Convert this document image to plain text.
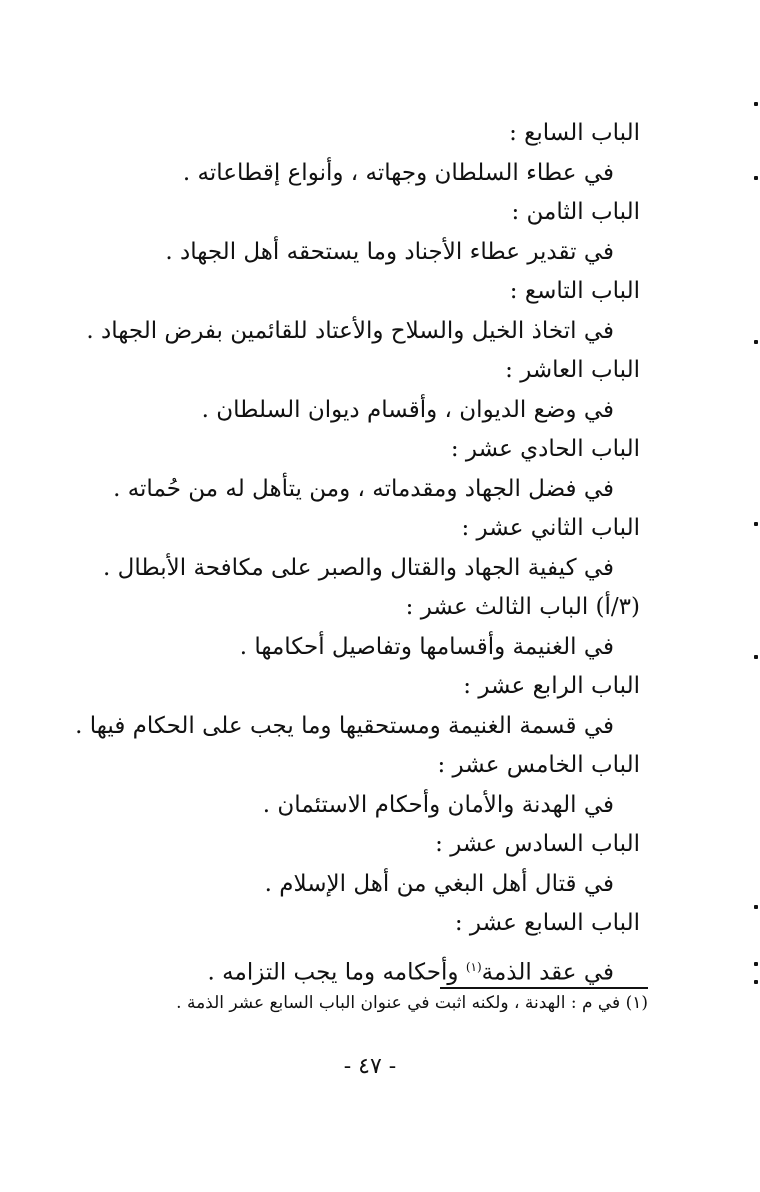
الباب السابع :
في عطاء السلطان وجهاته ، وأنواع إقطاعاته .
الباب الثامن :
في تقدير عطاء الأجناد وما يستحقه أهل الجهاد .
الباب التاسع :
في اتخاذ الخيل والسلاح والأعتاد للقائمين بفرض الجهاد .
الباب العاشر :
في وضع الديوان ، وأقسام ديوان السلطان .
الباب الحادي عشر :
في فضل الجهاد ومقدماته ، ومن يتأهل له من حُماته .
الباب الثاني عشر :
في كيفية الجهاد والقتال والصبر على مكافحة الأبطال .
(٣/أ) الباب الثالث عشر :
في الغنيمة وأقسامها وتفاصيل أحكامها .
الباب الرابع عشر :
في قسمة الغنيمة ومستحقيها وما يجب على الحكام فيها .
الباب الخامس عشر :
في الهدنة والأمان وأحكام الاستئمان .
الباب السادس عشر :
في قتال أهل البغي من أهل الإسلام .
الباب السابع عشر :
في عقد الذمة$^{(١)}$ وأحكامه وما يجب التزامه .
(١) في م : الهدنة ، ولكنه اثبت في عنوان الباب السابع عشر الذمة .
- ٤٧ -
